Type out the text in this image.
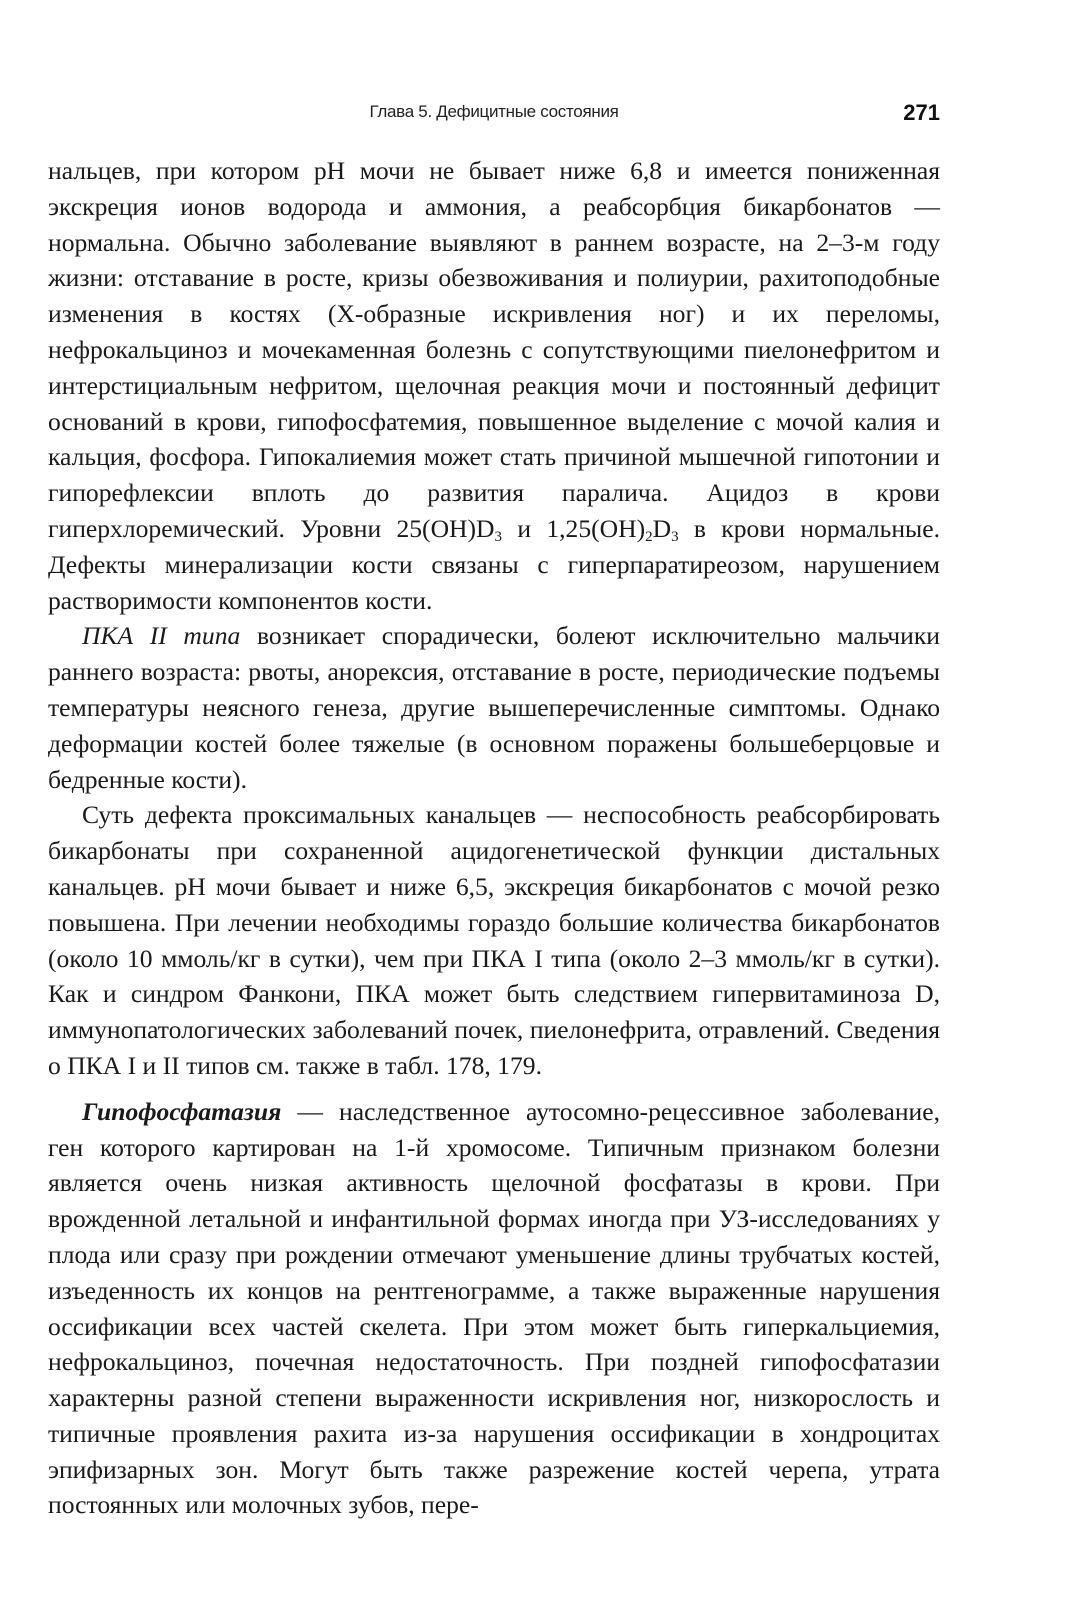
Глава 5. Дефицитные состояния	271

нальцев, при котором pH мочи не бывает ниже 6,8 и имеется пониженная экскреция ионов водорода и аммония, а реабсорбция бикарбонатов — нормальна. Обычно заболевание выявляют в раннем возрасте, на 2–3-м году жизни: отставание в росте, кризы обезвоживания и полиурии, рахитоподобные изменения в костях (Х-образные искривления ног) и их переломы, нефрокальциноз и мочекаменная болезнь с сопутствующими пиелонефритом и интерстициальным нефритом, щелочная реакция мочи и постоянный дефицит оснований в крови, гипофосфатемия, повышенное выделение с мочой калия и кальция, фосфора. Гипокалиемия может стать причиной мышечной гипотонии и гипорефлексии вплоть до развития паралича. Ацидоз в крови гиперхлоремический. Уровни $25(OH)D_3$ и $1,25(OH)_2D_3$ в крови нормальные. Дефекты минерализации кости связаны с гиперпаратиреозом, нарушением растворимости компонентов кости.

ПКА II типа возникает спорадически, болеют исключительно мальчики раннего возраста: рвоты, анорексия, отставание в росте, периодические подъемы температуры неясного генеза, другие вышеперечисленные симптомы. Однако деформации костей более тяжелые (в основном поражены большеберцовые и бедренные кости).

Суть дефекта проксимальных канальцев — неспособность реабсорбировать бикарбонаты при сохраненной ацидогенетической функции дистальных канальцев. pH мочи бывает и ниже 6,5, экскреция бикарбонатов с мочой резко повышена. При лечении необходимы гораздо большие количества бикарбонатов (около 10 ммоль/кг в сутки), чем при ПКА I типа (около 2–3 ммоль/кг в сутки). Как и синдром Фанкони, ПКА может быть следствием гипервитаминоза D, иммунопатологических заболеваний почек, пиелонефрита, отравлений. Сведения о ПКА I и II типов см. также в табл. 178, 179.

Гипофосфатазия — наследственное аутосомно-рецессивное заболевание, ген которого картирован на 1-й хромосоме. Типичным признаком болезни является очень низкая активность щелочной фосфатазы в крови. При врожденной летальной и инфантильной формах иногда при УЗ-исследованиях у плода или сразу при рождении отмечают уменьшение длины трубчатых костей, изъеденность их концов на рентгенограмме, а также выраженные нарушения оссификации всех частей скелета. При этом может быть гиперкальциемия, нефрокальциноз, почечная недостаточность. При поздней гипофосфатазии характерны разной степени выраженности искривления ног, низкорослость и типичные проявления рахита из-за нарушения оссификации в хондроцитах эпифизарных зон. Могут быть также разрежение костей черепа, утрата постоянных или молочных зубов, пере-
